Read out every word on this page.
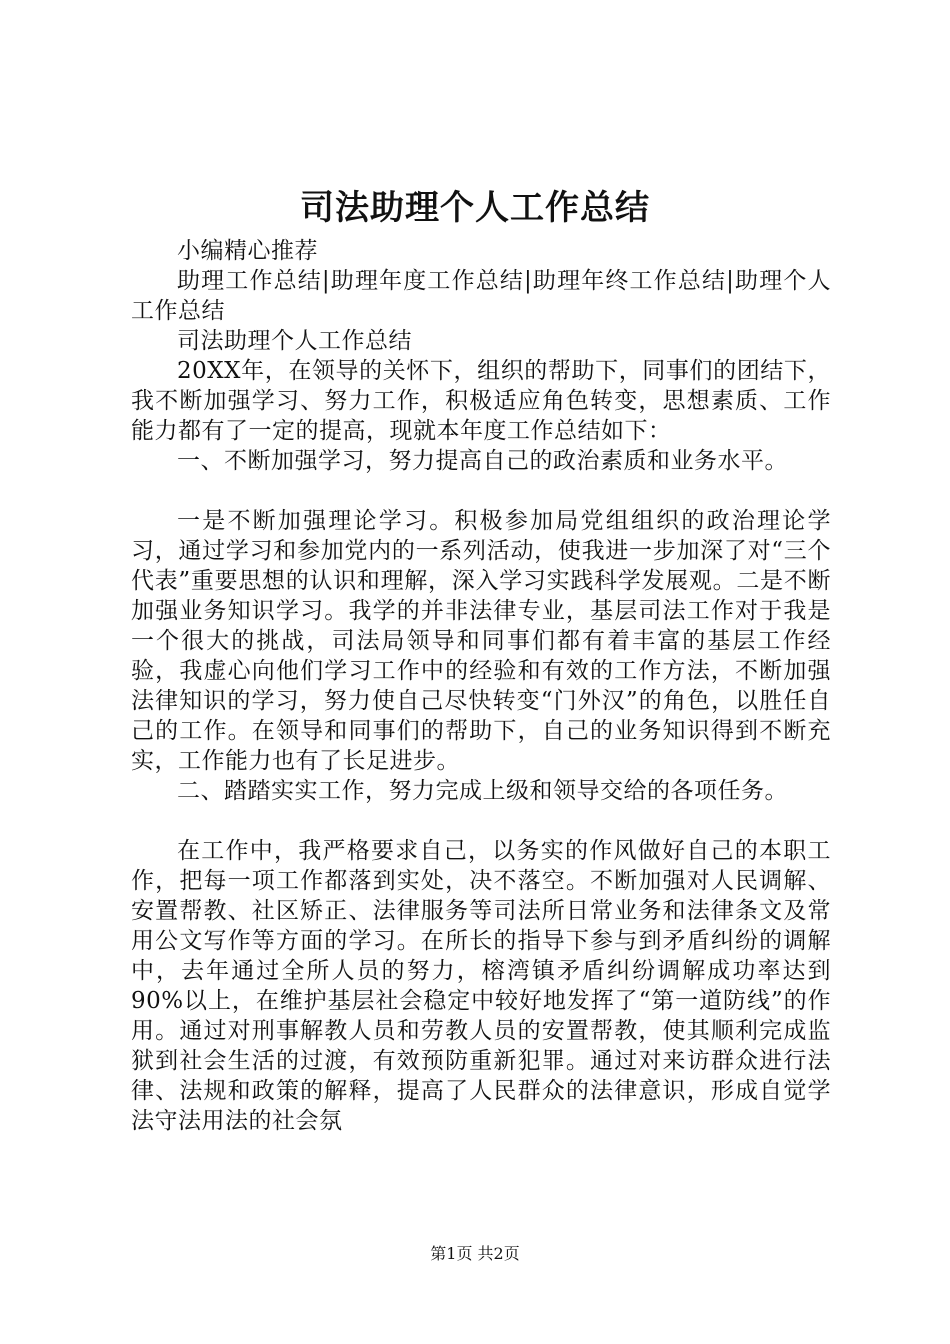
司法助理个人工作总结

小编精心推荐

助理工作总结|助理年度工作总结|助理年终工作总结|助理个人工作总结

司法助理个人工作总结

20XX年，在领导的关怀下，组织的帮助下，同事们的团结下，我不断加强学习、努力工作，积极适应角色转变，思想素质、工作能力都有了一定的提高，现就本年度工作总结如下：

一、不断加强学习，努力提高自己的政治素质和业务水平。

一是不断加强理论学习。积极参加局党组组织的政治理论学习，通过学习和参加党内的一系列活动，使我进一步加深了对“三个代表”重要思想的认识和理解，深入学习实践科学发展观。二是不断加强业务知识学习。我学的并非法律专业，基层司法工作对于我是一个很大的挑战，司法局领导和同事们都有着丰富的基层工作经验，我虚心向他们学习工作中的经验和有效的工作方法，不断加强法律知识的学习，努力使自己尽快转变“门外汉”的角色，以胜任自己的工作。在领导和同事们的帮助下，自己的业务知识得到不断充实，工作能力也有了长足进步。

二、踏踏实实工作，努力完成上级和领导交给的各项任务。

在工作中，我严格要求自己，以务实的作风做好自己的本职工作，把每一项工作都落到实处，决不落空。不断加强对人民调解、安置帮教、社区矫正、法律服务等司法所日常业务和法律条文及常用公文写作等方面的学习。在所长的指导下参与到矛盾纠纷的调解中，去年通过全所人员的努力，榕湾镇矛盾纠纷调解成功率达到90%以上，在维护基层社会稳定中较好地发挥了“第一道防线”的作用。通过对刑事解教人员和劳教人员的安置帮教，使其顺利完成监狱到社会生活的过渡，有效预防重新犯罪。通过对来访群众进行法律、法规和政策的解释，提高了人民群众的法律意识，形成自觉学法守法用法的社会氛

第1页 共2页
